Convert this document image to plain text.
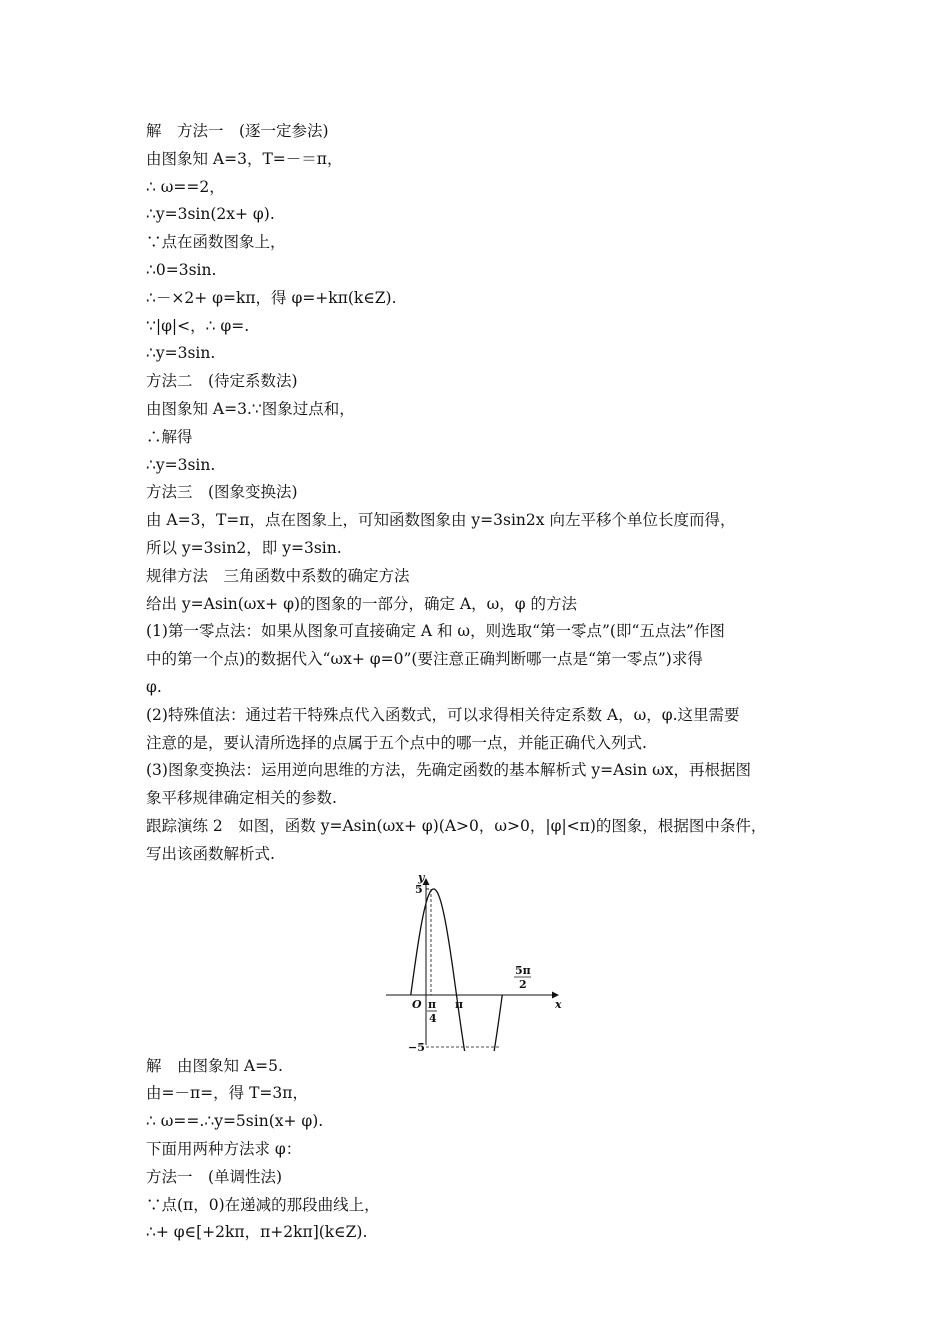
解　方法一　(逐一定参法)
由图象知 A=3，T=－＝π，
∴ ω==2，
∴y=3sin(2x+ φ).
∵点在函数图象上，
∴0=3sin.
∴－×2+ φ=kπ，得 φ=+kπ(k∈Z).
∵|φ|<，∴ φ=.
∴y=3sin.
方法二　(待定系数法)
由图象知 A=3.∵图象过点和，
∴解得
∴y=3sin.
方法三　(图象变换法)
由 A=3，T=π，点在图象上，可知函数图象由 y=3sin2x 向左平移个单位长度而得，
所以 y=3sin2，即 y=3sin.
规律方法　三角函数中系数的确定方法
给出 y=Asin(ωx+ φ)的图象的一部分，确定 A，ω，φ 的方法
(1)第一零点法：如果从图象可直接确定 A 和 ω，则选取“第一零点”(即“五点法”作图
中的第一个点)的数据代入“ωx+ φ=0”(要注意正确判断哪一点是“第一零点”)求得
φ.
(2)特殊值法：通过若干特殊点代入函数式，可以求得相关待定系数 A，ω，φ.这里需要
注意的是，要认清所选择的点属于五个点中的哪一点，并能正确代入列式.
(3)图象变换法：运用逆向思维的方法，先确定函数的基本解析式 y=Asin ωx，再根据图
象平移规律确定相关的参数.
跟踪演练 2　如图，函数 y=Asin(ωx+ φ)(A>0，ω>0，|φ|<π)的图象，根据图中条件，
写出该函数解析式.
y
x
O
5
−5
π
4
π
5π
2
解　由图象知 A=5.
由=－π=，得 T=3π，
∴ ω==.∴y=5sin(x+ φ).
下面用两种方法求 φ：
方法一　(单调性法)
∵点(π，0)在递减的那段曲线上，
∴+ φ∈[+2kπ，π+2kπ](k∈Z).
